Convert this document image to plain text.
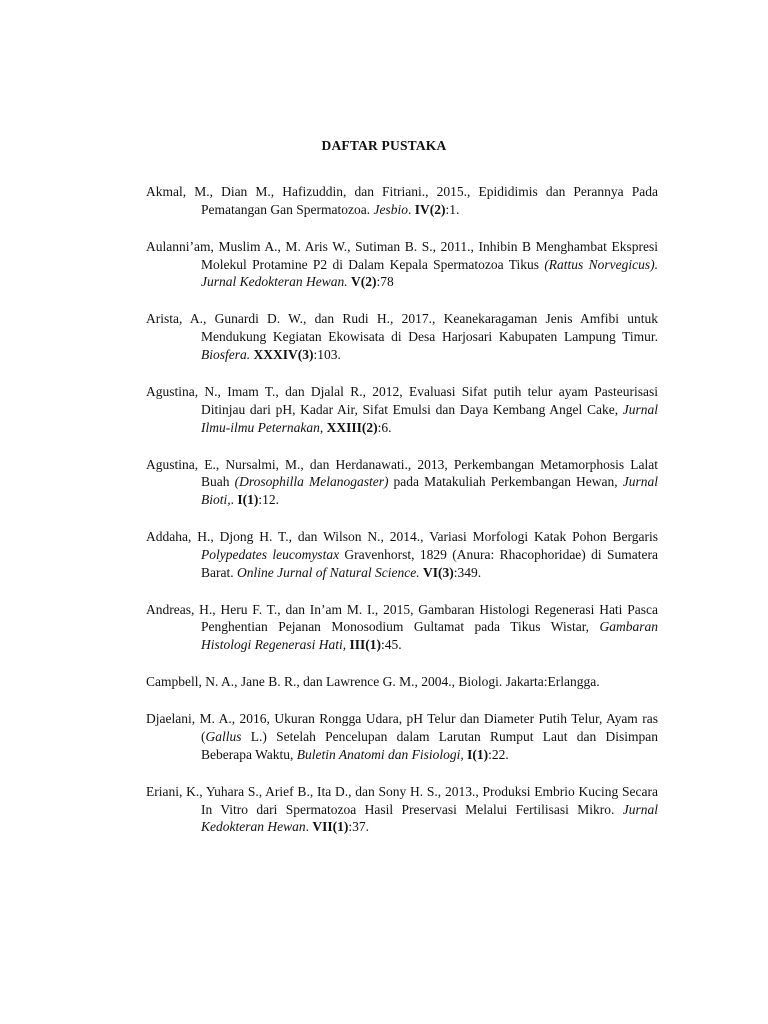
DAFTAR PUSTAKA
Akmal, M., Dian M., Hafizuddin, dan Fitriani., 2015., Epididimis dan Perannya Pada Pematangan Gan Spermatozoa. Jesbio. IV(2):1.
Aulanni’am, Muslim A., M. Aris W., Sutiman B. S., 2011., Inhibin B Menghambat Ekspresi Molekul Protamine P2 di Dalam Kepala Spermatozoa Tikus (Rattus Norvegicus). Jurnal Kedokteran Hewan. V(2):78
Arista, A., Gunardi D. W., dan Rudi H., 2017., Keanekaragaman Jenis Amfibi untuk Mendukung Kegiatan Ekowisata di Desa Harjosari Kabupaten Lampung Timur. Biosfera. XXXIV(3):103.
Agustina, N., Imam T., dan Djalal R., 2012, Evaluasi Sifat putih telur ayam Pasteurisasi Ditinjau dari pH, Kadar Air, Sifat Emulsi dan Daya Kembang Angel Cake, Jurnal Ilmu-ilmu Peternakan, XXIII(2):6.
Agustina, E., Nursalmi, M., dan Herdanawati., 2013, Perkembangan Metamorphosis Lalat Buah (Drosophilla Melanogaster) pada Matakuliah Perkembangan Hewan, Jurnal Bioti,. I(1):12.
Addaha, H., Djong H. T., dan Wilson N., 2014., Variasi Morfologi Katak Pohon Bergaris Polypedates leucomystax Gravenhorst, 1829 (Anura: Rhacophoridae) di Sumatera Barat. Online Jurnal of Natural Science. VI(3):349.
Andreas, H., Heru F. T., dan In’am M. I., 2015, Gambaran Histologi Regenerasi Hati Pasca Penghentian Pejanan Monosodium Gultamat pada Tikus Wistar, Gambaran Histologi Regenerasi Hati, III(1):45.
Campbell, N. A., Jane B. R., dan Lawrence G. M., 2004., Biologi. Jakarta:Erlangga.
Djaelani, M. A., 2016, Ukuran Rongga Udara, pH Telur dan Diameter Putih Telur, Ayam ras (Gallus L.) Setelah Pencelupan dalam Larutan Rumput Laut dan Disimpan Beberapa Waktu, Buletin Anatomi dan Fisiologi, I(1):22.
Eriani, K., Yuhara S., Arief B., Ita D., dan Sony H. S., 2013., Produksi Embrio Kucing Secara In Vitro dari Spermatozoa Hasil Preservasi Melalui Fertilisasi Mikro. Jurnal Kedokteran Hewan. VII(1):37.
